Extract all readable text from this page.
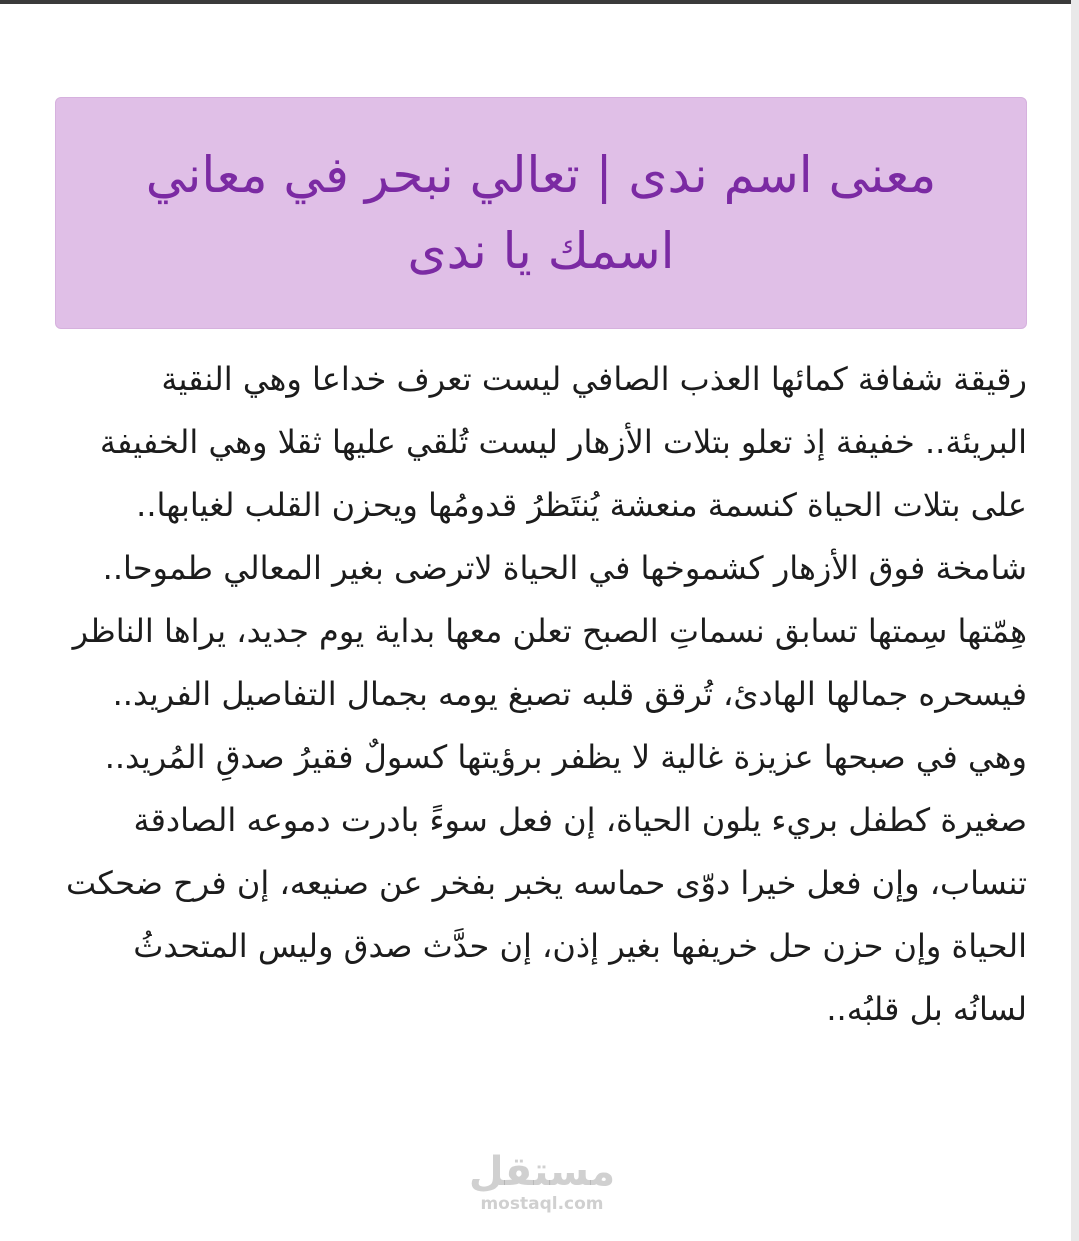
معنى اسم ندى | تعالي نبحر في معاني اسمك يا ندى

رقيقة شفافة كمائها العذب الصافي ليست تعرف خداعا وهي النقية البريئة.. خفيفة إذ تعلو بتلات الأزهار ليست تُلقي عليها ثقلا وهي الخفيفة على بتلات الحياة كنسمة منعشة يُنتَظرُ قدومُها ويحزن القلب لغيابها.. شامخة فوق الأزهار كشموخها في الحياة لاترضى بغير المعالي طموحا..

هِمّتها سِمتها تسابق نسماتِ الصبح تعلن معها بداية يوم جديد، يراها الناظر فيسحره جمالها الهادئ، تُرقق قلبه تصبغ يومه بجمال التفاصيل الفريد.. وهي في صبحها عزيزة غالية لا يظفر برؤيتها كسولٌ فقيرُ صدقِ المُريد.. صغيرة كطفل بريء يلون الحياة، إن فعل سوءً بادرت دموعه الصادقة تنساب، وإن فعل خيرا دوّى حماسه يخبر بفخر عن صنيعه، إن فرح ضحكت الحياة وإن حزن حل خريفها بغير إذن، إن حدَّث صدق وليس المتحدثُ لسانُه بل قلبُه..

مستقل
mostaql.com
